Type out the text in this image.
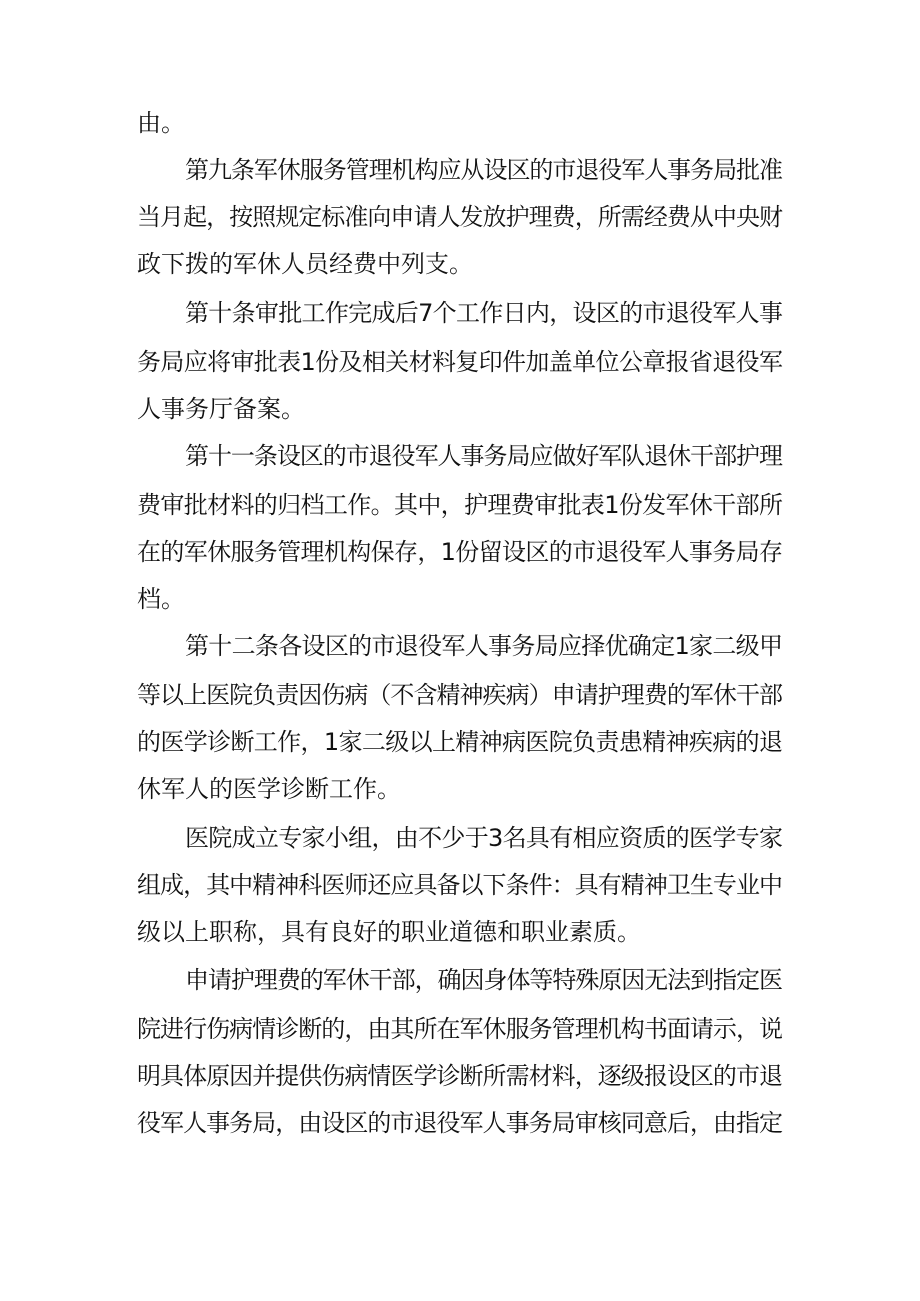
由。
第九条军休服务管理机构应从设区的市退役军人事务局批准
当月起，按照规定标准向申请人发放护理费，所需经费从中央财
政下拨的军休人员经费中列支。
第十条审批工作完成后7个工作日内，设区的市退役军人事
务局应将审批表1份及相关材料复印件加盖单位公章报省退役军
人事务厅备案。
第十一条设区的市退役军人事务局应做好军队退休干部护理
费审批材料的归档工作。其中，护理费审批表1份发军休干部所
在的军休服务管理机构保存，1份留设区的市退役军人事务局存
档。
第十二条各设区的市退役军人事务局应择优确定1家二级甲
等以上医院负责因伤病（不含精神疾病）申请护理费的军休干部
的医学诊断工作，1家二级以上精神病医院负责患精神疾病的退
休军人的医学诊断工作。
医院成立专家小组，由不少于3名具有相应资质的医学专家
组成，其中精神科医师还应具备以下条件：具有精神卫生专业中
级以上职称，具有良好的职业道德和职业素质。
申请护理费的军休干部，确因身体等特殊原因无法到指定医
院进行伤病情诊断的，由其所在军休服务管理机构书面请示，说
明具体原因并提供伤病情医学诊断所需材料，逐级报设区的市退
役军人事务局，由设区的市退役军人事务局审核同意后，由指定
